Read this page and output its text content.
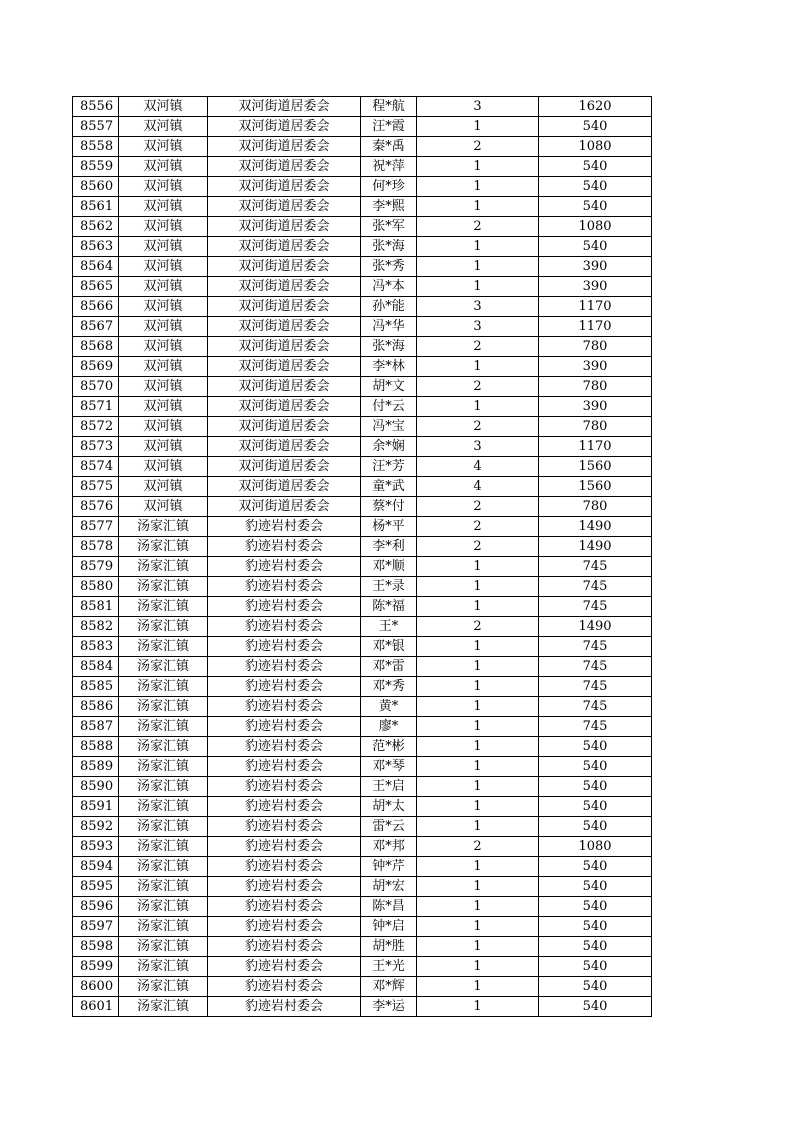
8556	双河镇	双河街道居委会	程*航	3	1620
8557	双河镇	双河街道居委会	汪*霞	1	540
8558	双河镇	双河街道居委会	秦*禹	2	1080
8559	双河镇	双河街道居委会	祝*萍	1	540
8560	双河镇	双河街道居委会	何*珍	1	540
8561	双河镇	双河街道居委会	李*熙	1	540
8562	双河镇	双河街道居委会	张*军	2	1080
8563	双河镇	双河街道居委会	张*海	1	540
8564	双河镇	双河街道居委会	张*秀	1	390
8565	双河镇	双河街道居委会	冯*本	1	390
8566	双河镇	双河街道居委会	孙*能	3	1170
8567	双河镇	双河街道居委会	冯*华	3	1170
8568	双河镇	双河街道居委会	张*海	2	780
8569	双河镇	双河街道居委会	李*林	1	390
8570	双河镇	双河街道居委会	胡*文	2	780
8571	双河镇	双河街道居委会	付*云	1	390
8572	双河镇	双河街道居委会	冯*宝	2	780
8573	双河镇	双河街道居委会	余*娴	3	1170
8574	双河镇	双河街道居委会	汪*芳	4	1560
8575	双河镇	双河街道居委会	童*武	4	1560
8576	双河镇	双河街道居委会	蔡*付	2	780
8577	汤家汇镇	豹迹岩村委会	杨*平	2	1490
8578	汤家汇镇	豹迹岩村委会	李*利	2	1490
8579	汤家汇镇	豹迹岩村委会	邓*顺	1	745
8580	汤家汇镇	豹迹岩村委会	王*录	1	745
8581	汤家汇镇	豹迹岩村委会	陈*福	1	745
8582	汤家汇镇	豹迹岩村委会	王*	2	1490
8583	汤家汇镇	豹迹岩村委会	邓*银	1	745
8584	汤家汇镇	豹迹岩村委会	邓*雷	1	745
8585	汤家汇镇	豹迹岩村委会	邓*秀	1	745
8586	汤家汇镇	豹迹岩村委会	黄*	1	745
8587	汤家汇镇	豹迹岩村委会	廖*	1	745
8588	汤家汇镇	豹迹岩村委会	范*彬	1	540
8589	汤家汇镇	豹迹岩村委会	邓*琴	1	540
8590	汤家汇镇	豹迹岩村委会	王*启	1	540
8591	汤家汇镇	豹迹岩村委会	胡*太	1	540
8592	汤家汇镇	豹迹岩村委会	雷*云	1	540
8593	汤家汇镇	豹迹岩村委会	邓*邦	2	1080
8594	汤家汇镇	豹迹岩村委会	钟*芹	1	540
8595	汤家汇镇	豹迹岩村委会	胡*宏	1	540
8596	汤家汇镇	豹迹岩村委会	陈*昌	1	540
8597	汤家汇镇	豹迹岩村委会	钟*启	1	540
8598	汤家汇镇	豹迹岩村委会	胡*胜	1	540
8599	汤家汇镇	豹迹岩村委会	王*光	1	540
8600	汤家汇镇	豹迹岩村委会	邓*辉	1	540
8601	汤家汇镇	豹迹岩村委会	李*运	1	540
